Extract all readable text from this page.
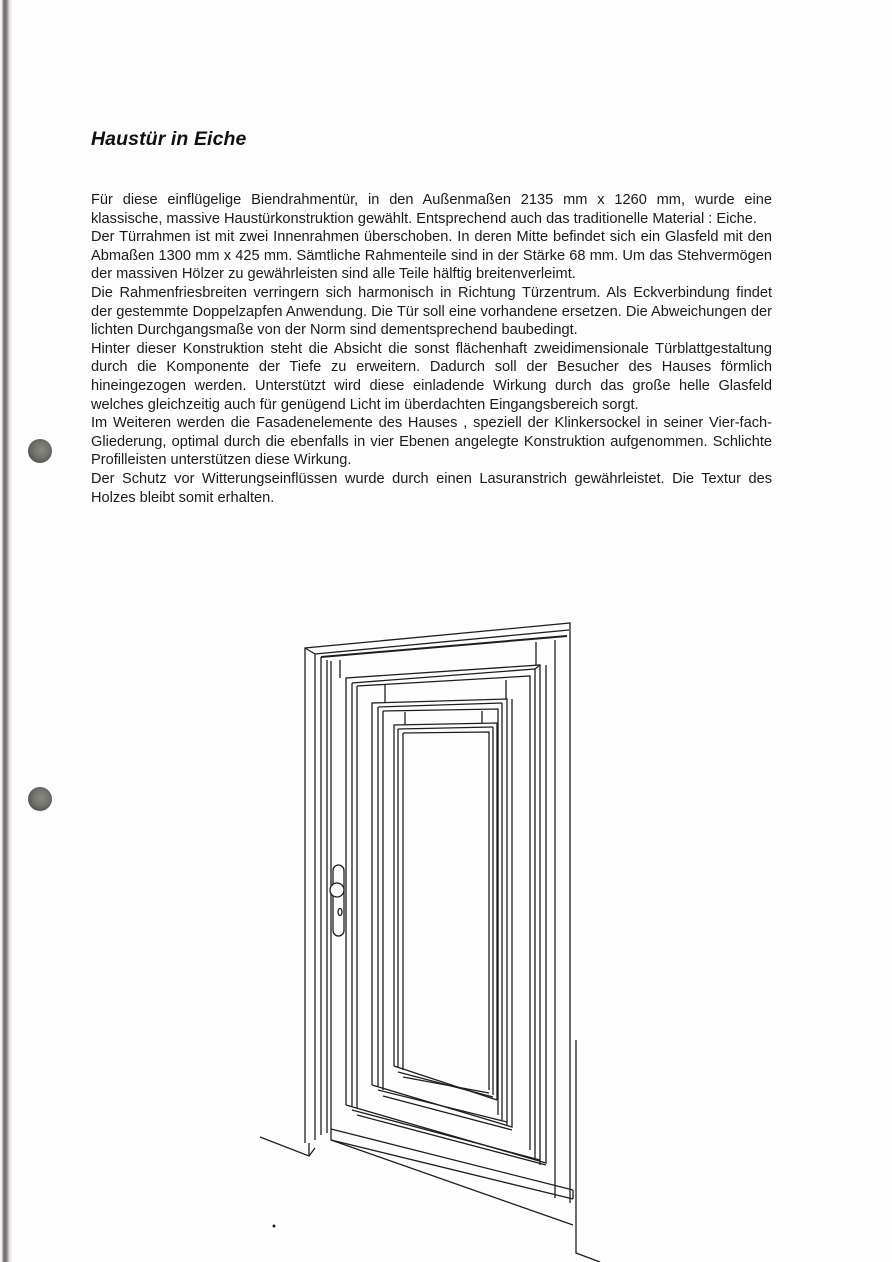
Haustür in Eiche

Für diese einflügelige Biendrahmentür, in den Außenmaßen 2135 mm x 1260 mm, wurde eine klassische, massive Haustürkonstruktion gewählt. Entsprechend auch das traditionelle Material : Eiche.

Der Türrahmen ist mit zwei Innenrahmen überschoben. In deren Mitte befindet sich ein Glasfeld mit den Abmaßen 1300 mm x 425 mm. Sämtliche Rahmenteile sind in der Stärke 68 mm. Um das Stehvermögen der massiven Hölzer zu gewährleisten sind alle Teile hälftig breitenverleimt.

Die Rahmenfriesbreiten verringern sich harmonisch in Richtung Türzentrum. Als Eckverbindung findet der gestemmte Doppelzapfen Anwendung. Die Tür soll eine vorhandene ersetzen. Die Abweichungen der lichten Durchgangsmaße von der Norm sind dementsprechend baubedingt.

Hinter dieser Konstruktion steht die Absicht die sonst flächenhaft zweidimensionale Türblattgestaltung durch die Komponente der Tiefe zu erweitern. Dadurch soll der Besucher des Hauses förmlich hineingezogen werden. Unterstützt wird diese einladende Wirkung durch das große helle Glasfeld welches gleichzeitig auch für genügend Licht im überdachten Eingangsbereich sorgt.

Im Weiteren werden die Fasadenelemente des Hauses , speziell der Klinkersockel in seiner Vier-fach-Gliederung, optimal durch die ebenfalls in vier Ebenen angelegte Konstruktion aufgenommen. Schlichte Profilleisten unterstützen diese Wirkung.

Der Schutz vor Witterungseinflüssen wurde durch einen Lasuranstrich gewährleistet. Die Textur des Holzes bleibt somit erhalten.
